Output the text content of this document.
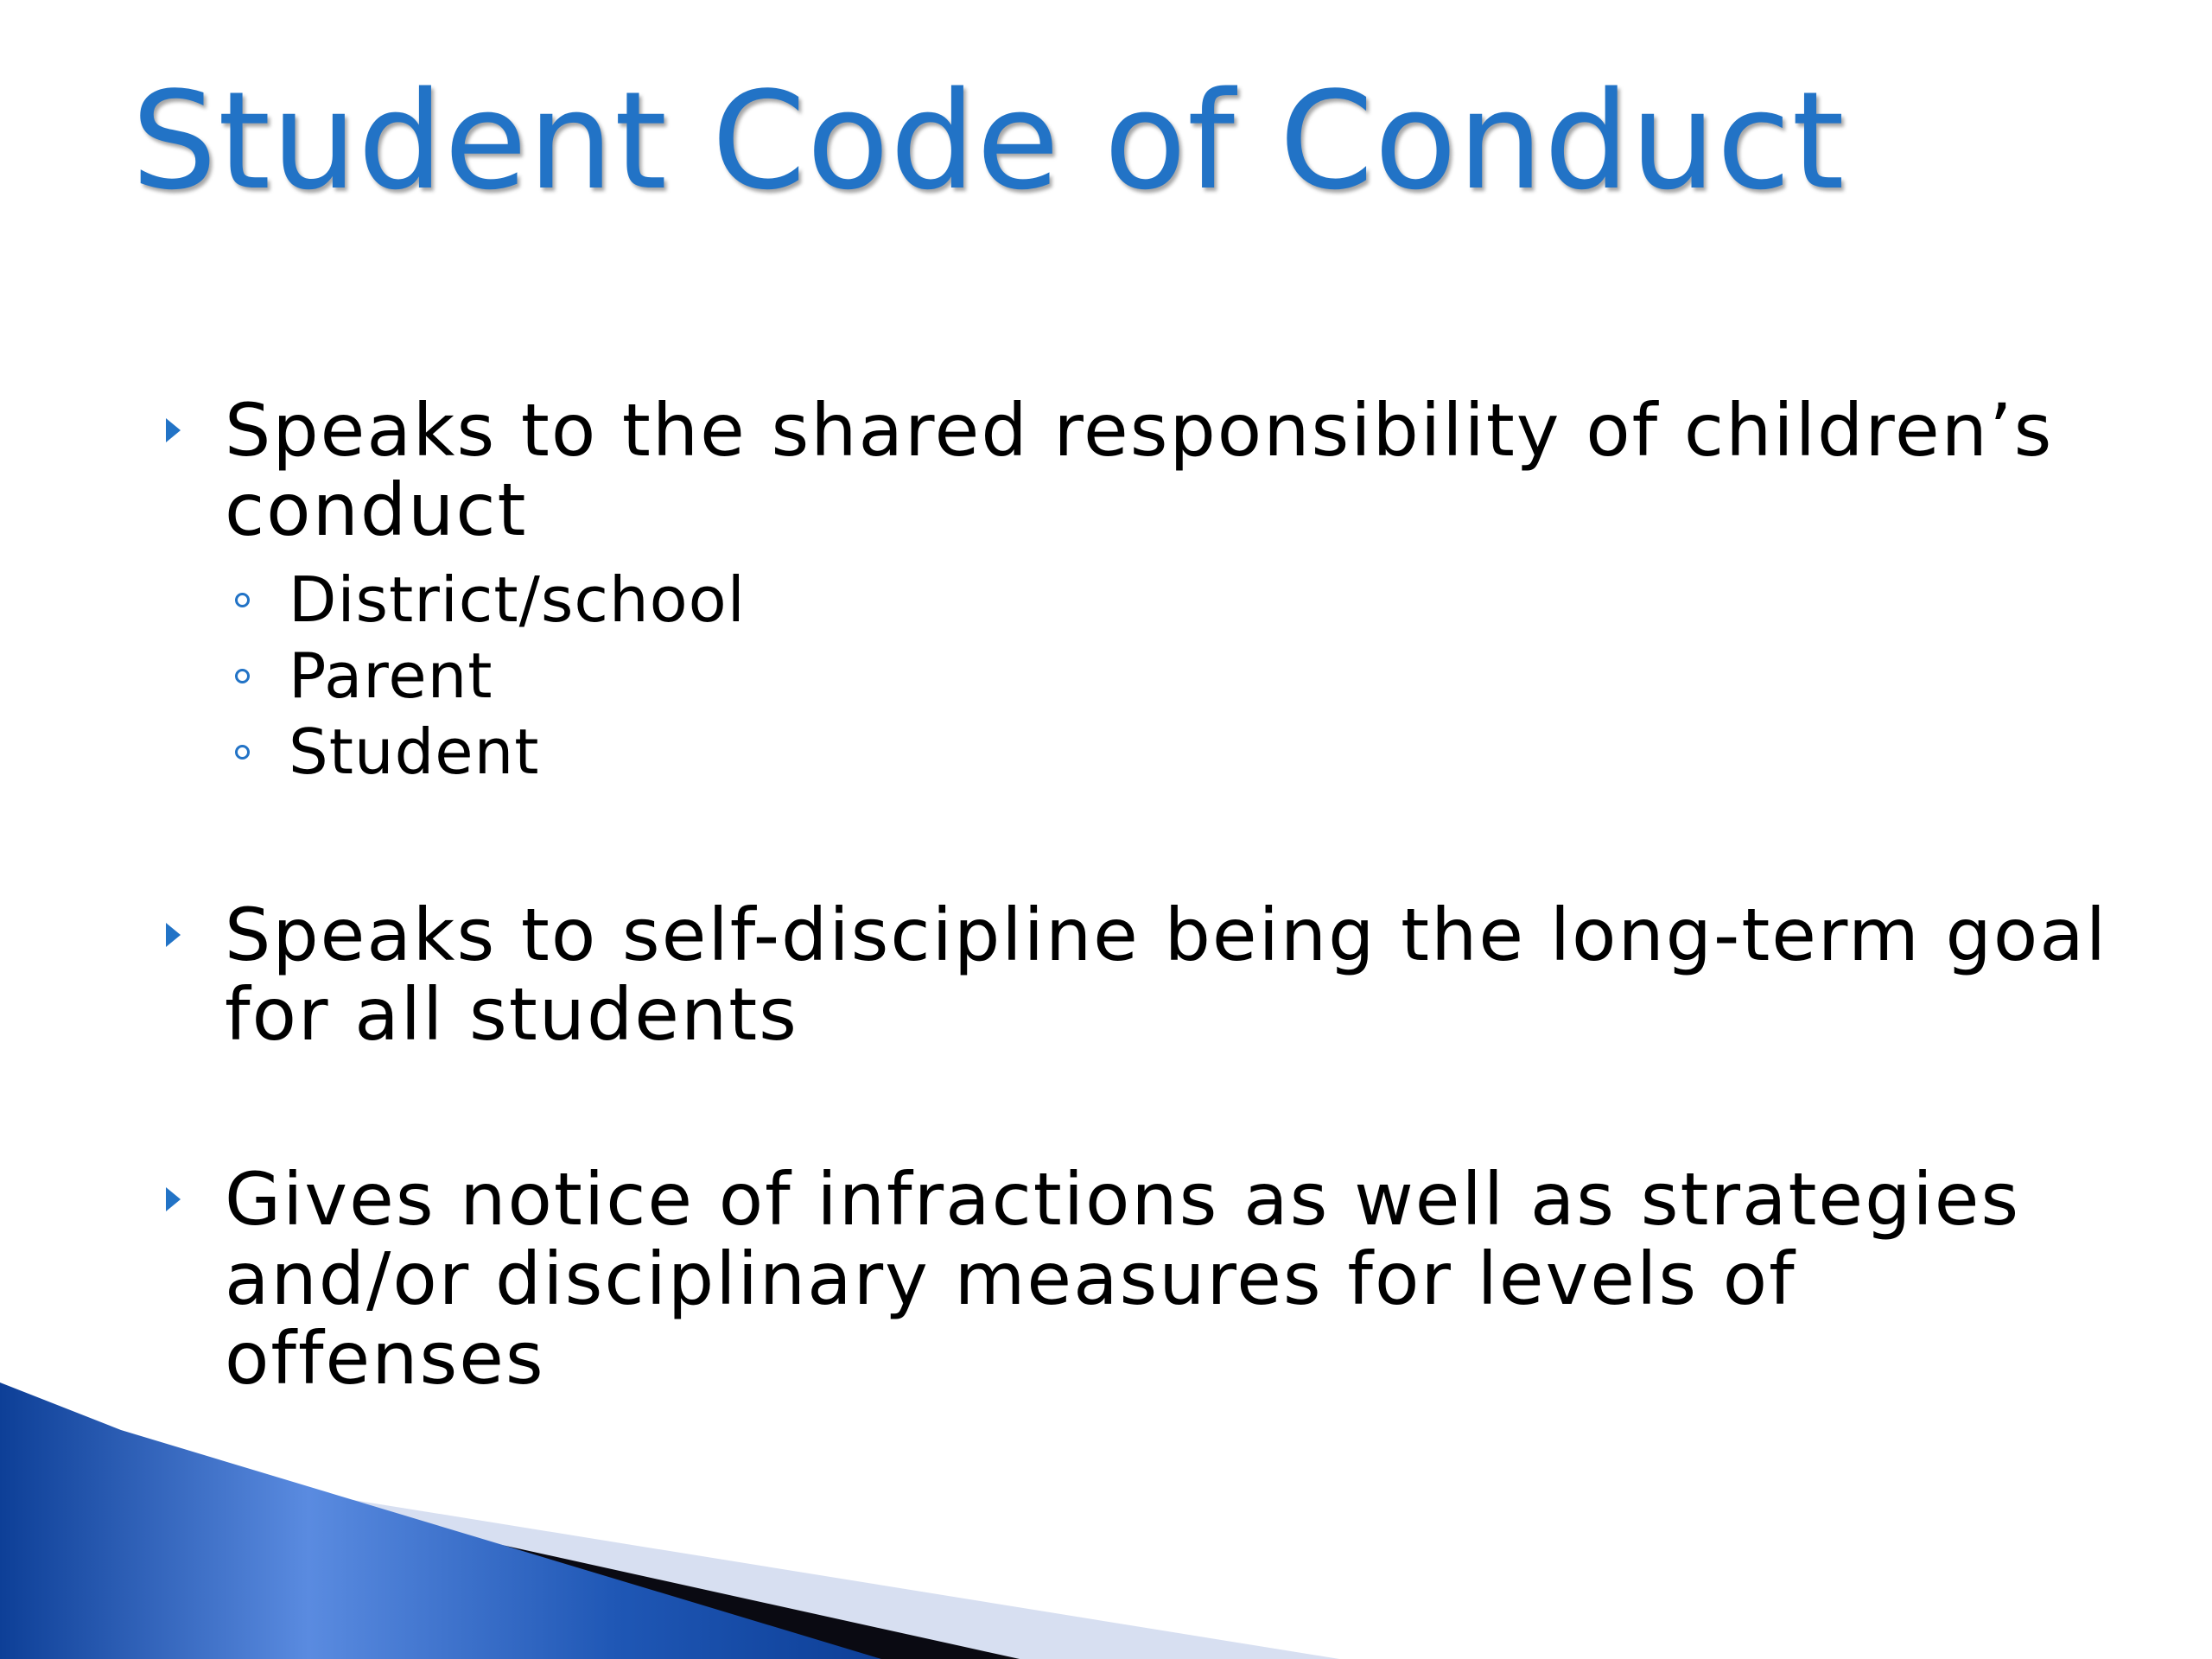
Student Code of Conduct
Speaks to the shared responsibility of children’s conduct
District/school
Parent
Student
Speaks to self-discipline being the long-term goal for all students
Gives notice of infractions as well as strategies and/or disciplinary measures for levels of offenses
